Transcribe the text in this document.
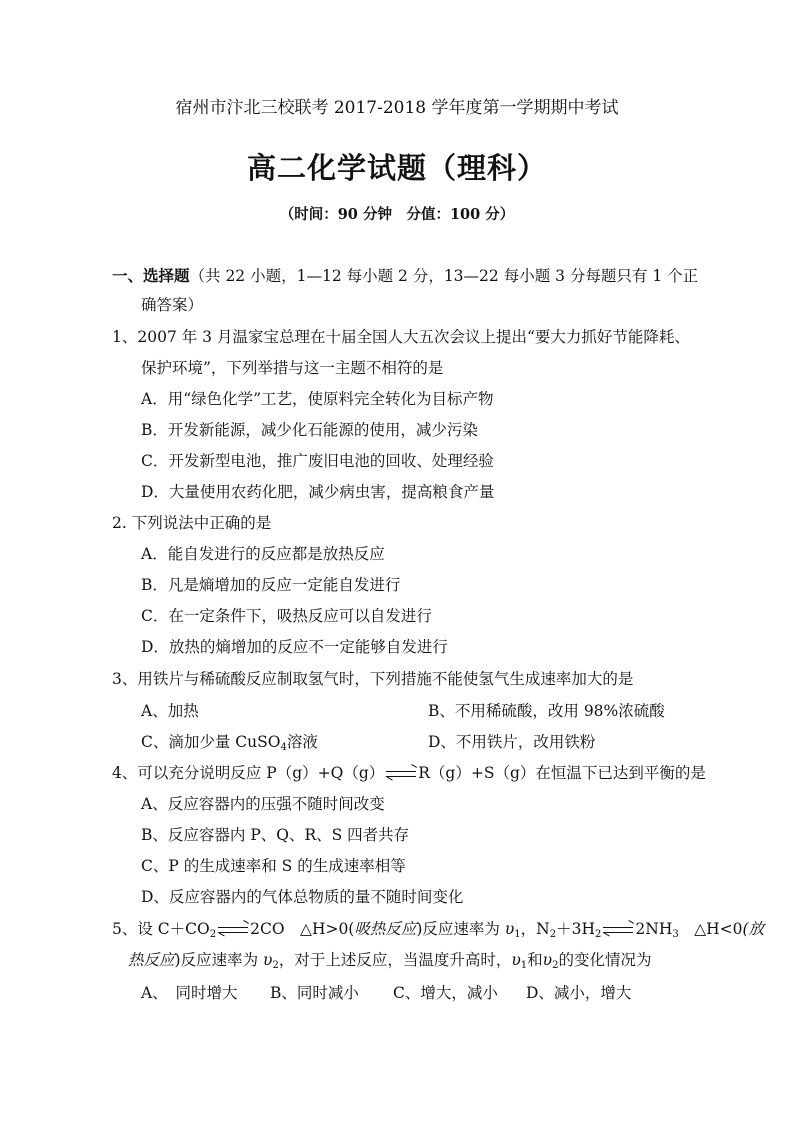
宿州市汴北三校联考 2017-2018 学年度第一学期期中考试
高二化学试题（理科）
（时间：90 分钟　分值：100 分）
一、选择题（共 22 小题，1—12 每小题 2 分，13—22 每小题 3 分每题只有 1 个正
确答案）
1、2007 年 3 月温家宝总理在十届全国人大五次会议上提出“要大力抓好节能降耗、
保护环境”，下列举措与这一主题不相符的是
A．用“绿色化学”工艺，使原料完全转化为目标产物
B．开发新能源，减少化石能源的使用，减少污染
C．开发新型电池，推广废旧电池的回收、处理经验
D．大量使用农药化肥，减少病虫害，提高粮食产量
2. 下列说法中正确的是
A．能自发进行的反应都是放热反应
B．凡是熵增加的反应一定能自发进行
C．在一定条件下，吸热反应可以自发进行
D．放热的熵增加的反应不一定能够自发进行
3、用铁片与稀硫酸反应制取氢气时，下列措施不能使氢气生成速率加大的是
A、加热	B、不用稀硫酸，改用 98%浓硫酸
C、滴加少量 CuSO$_4$溶液	D、不用铁片，改用铁粉
4、可以充分说明反应 P（g）+Q（g） R（g）+S（g）在恒温下已达到平衡的是
A、反应容器内的压强不随时间改变
B、反应容器内 P、Q、R、S 四者共存
C、P 的生成速率和 S 的生成速率相等
D、反应容器内的气体总物质的量不随时间变化
5、设 $C+CO_2$ 2CO　△H>0(吸热反应)反应速率为 $\upsilon_1$，$N_2+3H_2$ $2NH_3$　△H<0(放
热反应)反应速率为 $\upsilon_2$，对于上述反应，当温度升高时，$\upsilon_1$和$\upsilon_2$的变化情况为
A、　同时增大 B、同时减小 C、增大，减小 D、减小，增大
